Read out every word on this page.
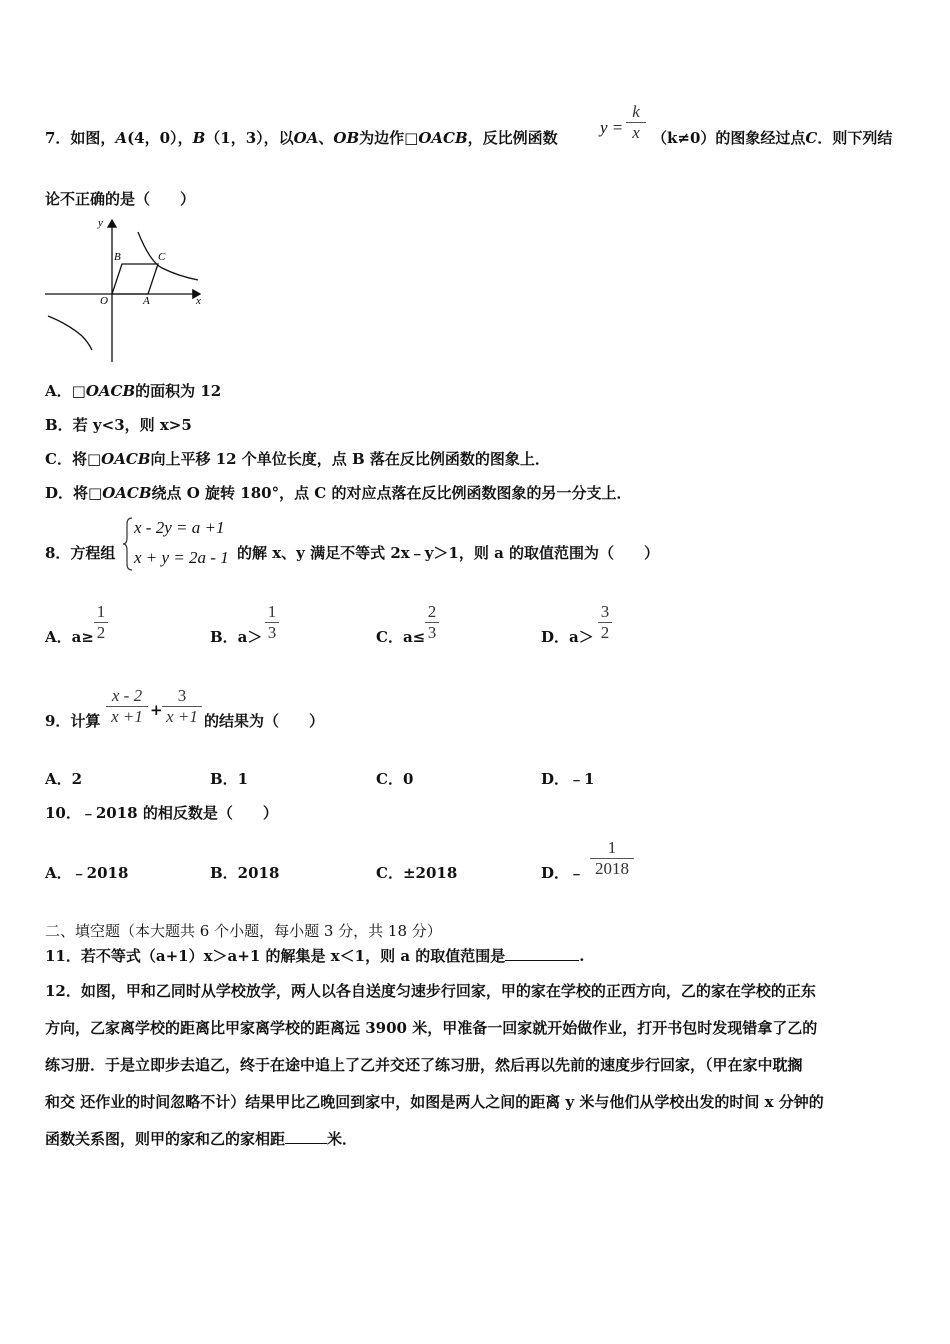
7．如图，A(4，0），B（1，3），以OA、OB为边作□OACB，反比例函数
y =
k
x （k≠0）的图象经过点C．则下列结
论不正确的是（　　）
y
x
O	A
B	C
A．□OACB的面积为 12
B．若 y<3，则 x>5
C．将□OACB向上平移 12 个单位长度，点 B 落在反比例函数的图象上．
D．将□OACB绕点 O 旋转 180°，点 C 的对应点落在反比例函数图象的另一分支上．
8．方程组
x - 2y = a +1
x + y = 2a - 1 的解 x、y 满足不等式 2x﹣y＞1，则 a 的取值范围为（　　）
A．a≥
1
2	B．a＞
1
3	C．a≤
2
3	D．a＞
3
2
9．计算
x - 2
x +1 +
3
x +1 的结果为（　　）
A．2	B．1	C．0	D．﹣1
10．﹣2018 的相反数是（　　）
A．﹣2018	B．2018	C．±2018	D．﹣
1
2018
二、填空题（本大题共 6 个小题，每小题 3 分，共 18 分）
11．若不等式（a+1）x＞a+1 的解集是 x＜1，则 a 的取值范围是	.
12．如图，甲和乙同时从学校放学，两人以各自送度匀速步行回家，甲的家在学校的正西方向，乙的家在学校的正东
方向，乙家离学校的距离比甲家离学校的距离远 3900 米，甲准备一回家就开始做作业，打开书包时发现错拿了乙的
练习册．于是立即步去追乙，终于在途中追上了乙并交还了练习册，然后再以先前的速度步行回家，（甲在家中耽搁
和交 还作业的时间忽略不计）结果甲比乙晚回到家中，如图是两人之间的距离 y 米与他们从学校出发的时间 x 分钟的
函数关系图，则甲的家和乙的家相距	米．
